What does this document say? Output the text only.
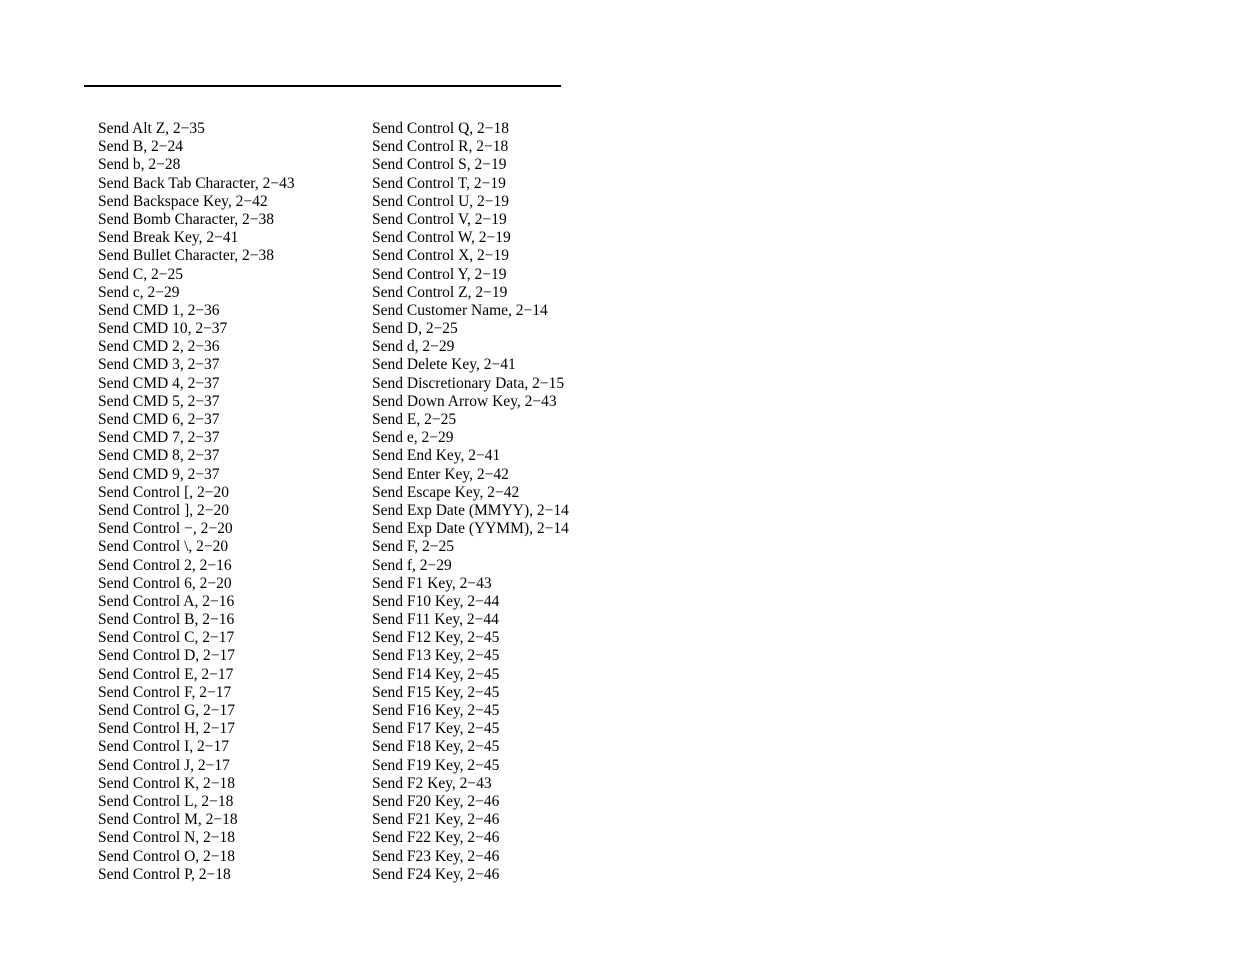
Send Alt Z, 2−35
Send B, 2−24
Send b, 2−28
Send Back Tab Character, 2−43
Send Backspace Key, 2−42
Send Bomb Character, 2−38
Send Break Key, 2−41
Send Bullet Character, 2−38
Send C, 2−25
Send c, 2−29
Send CMD 1, 2−36
Send CMD 10, 2−37
Send CMD 2, 2−36
Send CMD 3, 2−37
Send CMD 4, 2−37
Send CMD 5, 2−37
Send CMD 6, 2−37
Send CMD 7, 2−37
Send CMD 8, 2−37
Send CMD 9, 2−37
Send Control [, 2−20
Send Control ], 2−20
Send Control −, 2−20
Send Control \, 2−20
Send Control 2, 2−16
Send Control 6, 2−20
Send Control A, 2−16
Send Control B, 2−16
Send Control C, 2−17
Send Control D, 2−17
Send Control E, 2−17
Send Control F, 2−17
Send Control G, 2−17
Send Control H, 2−17
Send Control I, 2−17
Send Control J, 2−17
Send Control K, 2−18
Send Control L, 2−18
Send Control M, 2−18
Send Control N, 2−18
Send Control O, 2−18
Send Control P, 2−18
Send Control Q, 2−18
Send Control R, 2−18
Send Control S, 2−19
Send Control T, 2−19
Send Control U, 2−19
Send Control V, 2−19
Send Control W, 2−19
Send Control X, 2−19
Send Control Y, 2−19
Send Control Z, 2−19
Send Customer Name, 2−14
Send D, 2−25
Send d, 2−29
Send Delete Key, 2−41
Send Discretionary Data, 2−15
Send Down Arrow Key, 2−43
Send E, 2−25
Send e, 2−29
Send End Key, 2−41
Send Enter Key, 2−42
Send Escape Key, 2−42
Send Exp Date (MMYY), 2−14
Send Exp Date (YYMM), 2−14
Send F, 2−25
Send f, 2−29
Send F1 Key, 2−43
Send F10 Key, 2−44
Send F11 Key, 2−44
Send F12 Key, 2−45
Send F13 Key, 2−45
Send F14 Key, 2−45
Send F15 Key, 2−45
Send F16 Key, 2−45
Send F17 Key, 2−45
Send F18 Key, 2−45
Send F19 Key, 2−45
Send F2 Key, 2−43
Send F20 Key, 2−46
Send F21 Key, 2−46
Send F22 Key, 2−46
Send F23 Key, 2−46
Send F24 Key, 2−46
